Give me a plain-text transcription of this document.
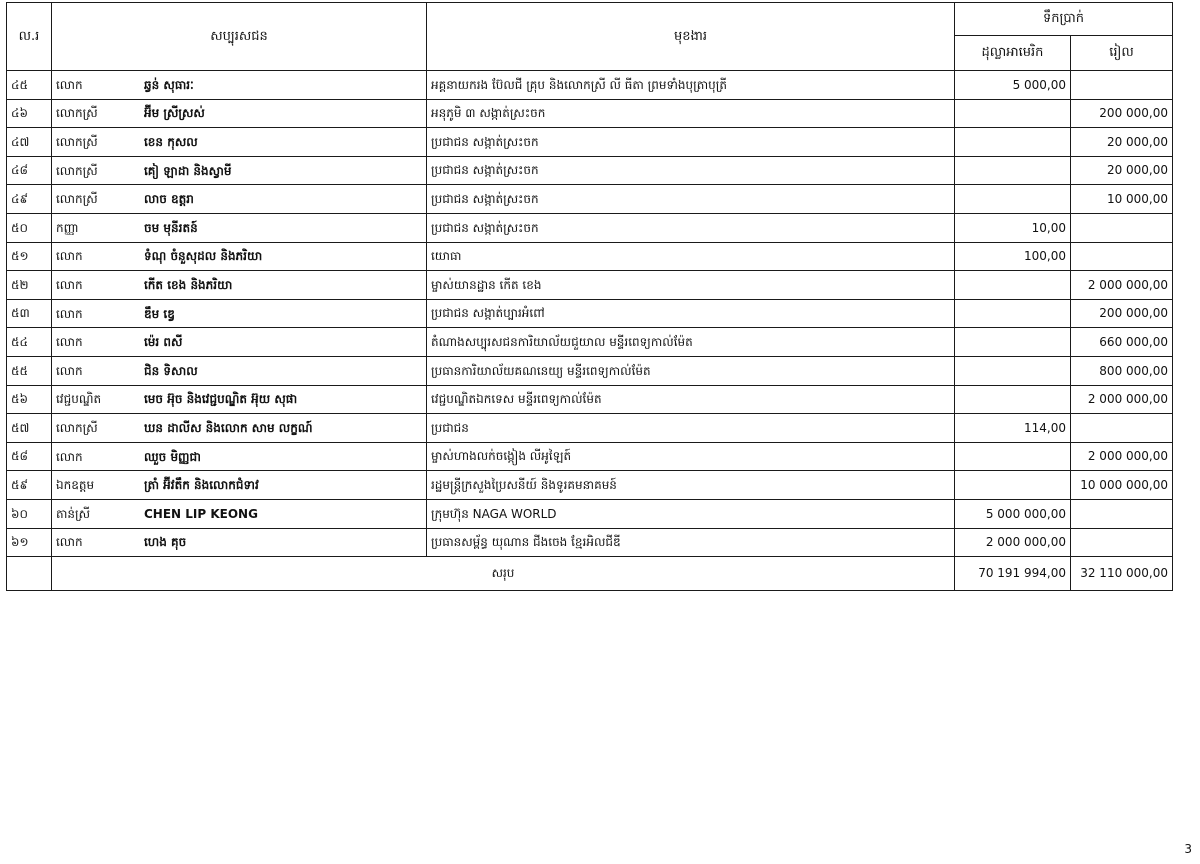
ល.រ	សប្បុរសជន	មុខងារ	ទឹកប្រាក់	
			ដុល្លាអាមេរិក	រៀល
៤៥	លោក ឆ្វន់ សុធារៈ	អគ្គនាយករង ប៊ែលជី គ្រុប និងលោកស្រី លី ធីតា ព្រមទាំងបុត្រាបុត្រី	5 000,00	
៤៦	លោកស្រី អ៊ីម ស្រីស្រស់	អនុភូមិ ៣ សង្កាត់ស្រះចក		200 000,00
៤៧	លោកស្រី ខេន កុសល	ប្រជាជន សង្កាត់ស្រះចក		20 000,00
៤៨	លោកស្រី គៀ ឡាដា និងស្វាមី	ប្រជាជន សង្កាត់ស្រះចក		20 000,00
៤៩	លោកស្រី លាច ឧត្តរា	ប្រជាជន សង្កាត់ស្រះចក		10 000,00
៥០	កញ្ញា ចម មុនីរតន៍	ប្រជាជន សង្កាត់ស្រះចក	10,00	
៥១	លោក ទំណុ ចំនួសុដល និងភរិយា	យោធា	100,00	
៥២	លោក កើត ខេង និងភរិយា	ម្ចាស់យានដ្ឋាន កើត ខេង		2 000 000,00
៥៣	លោក ឌឹម ឌ្វេ	ប្រជាជន សង្កាត់ប្បារអំពៅ		200 000,00
៥៤	លោក ម៉េរ ពសី	តំណាងសប្បុរសជនការិយាល័យជួយាល មន្ទីរពេទ្យកាល់ម៉ែត		660 000,00
៥៥	លោក ជិន ទិសាល	ប្រធានការិយាល័យគណនេយ្យ មន្ទីរពេទ្យកាល់ម៉ែត		800 000,00
៥៦	វេជ្ជបណ្ឌិត មេច អ៊ុច និងវេជ្ជបណ្ឌិត អ៊ុយ សុផា	វេជ្ជបណ្ឌិតឯកទេស មន្ទីរពេទ្យកាល់ម៉ែត		2 000 000,00
៥៧	លោកស្រី ឃន ដាលីស និងលោក សាម លក្ខណ៍	ប្រជាជន	114,00	
៥៨	លោក ឈួច មិញ្ញជា	ម្ចាស់ហាងលក់ចង្កៀង លីអូឡៃត៍		2 000 000,00
៥៩	ឯកឧត្តម ត្រាំ អ៊ីវតឹក និងលោកជំទាវ	រដ្ឋមន្ត្រីក្រសួងប្រៃសនីយ៍ និងទូរគមនាគមន៍		10 000 000,00
៦០	តាន់ស្រី CHEN LIP KEONG	ក្រុមហ៊ុន NAGA WORLD	5 000 000,00	
៦១	លោក ហេង គុច	ប្រធានសម្ព័ន្ធ យុណាន ជីងចេង ខ្មែរអិលជីឌី	2 000 000,00	
	សរុប		70 191 994,00	32 110 000,00
3
